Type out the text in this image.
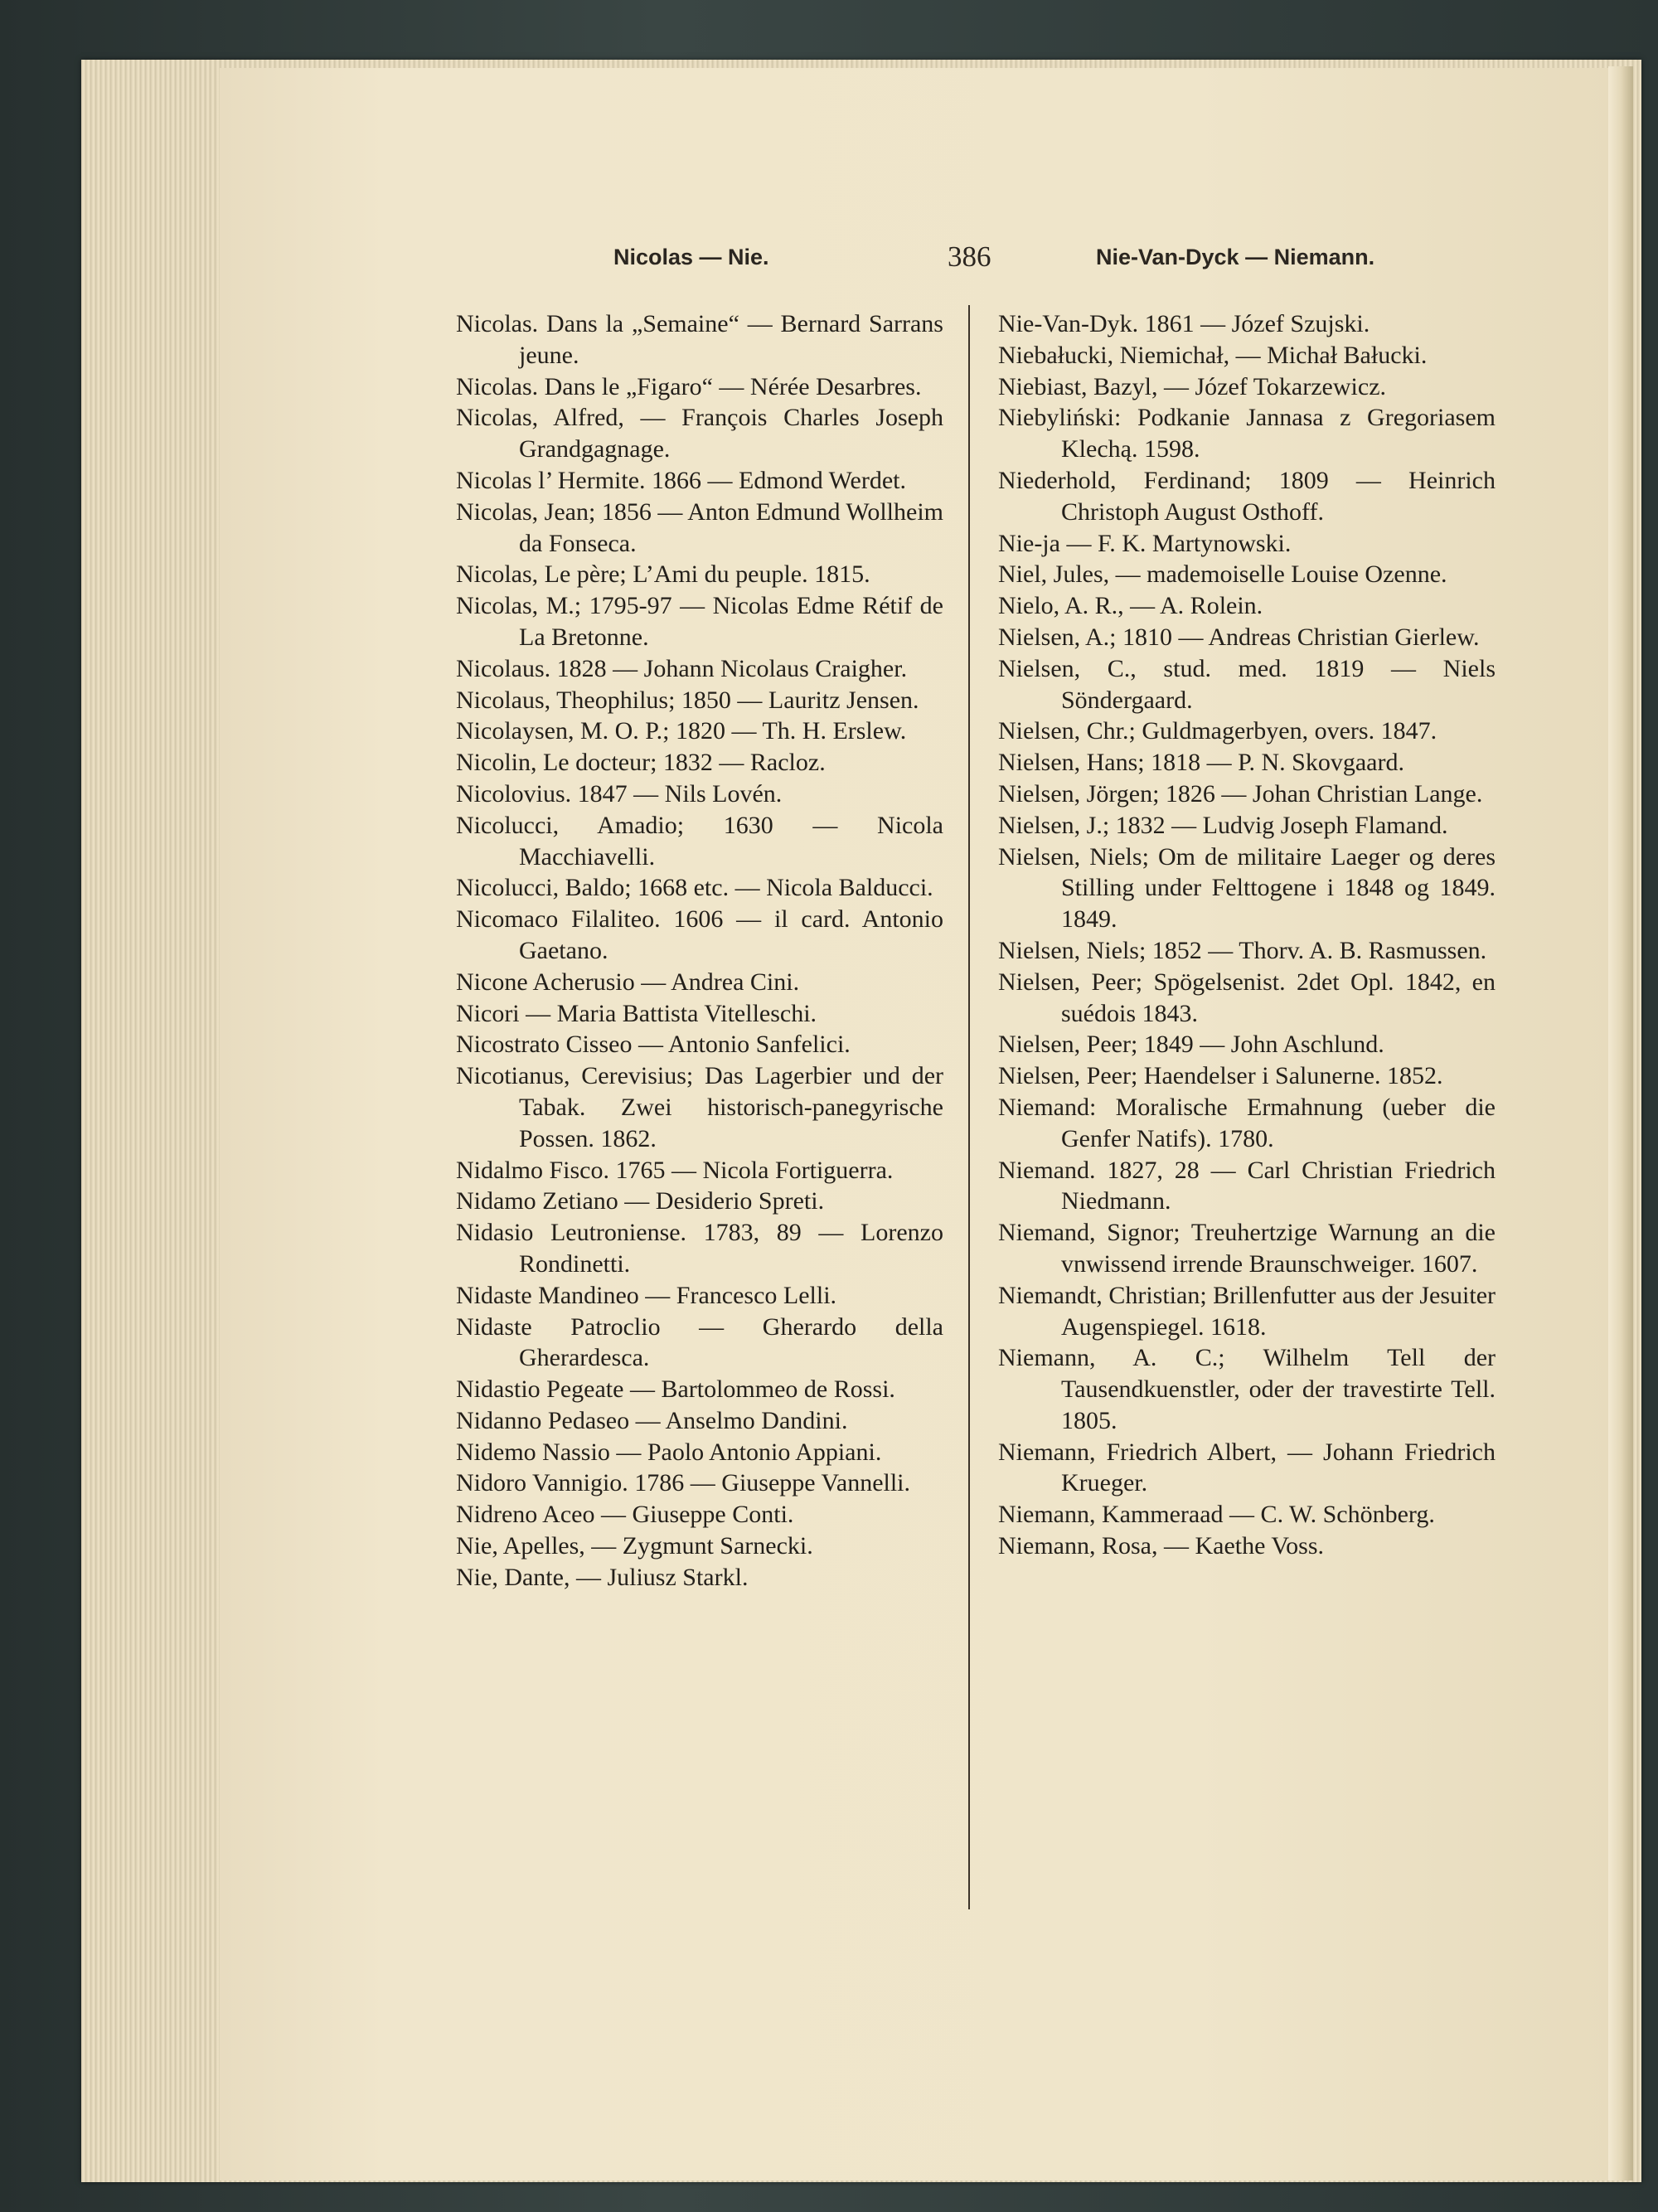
Nicolas — Nie.	386	Nie-Van-Dyck — Niemann.

Nicolas. Dans la „Semaine“ — Bernard Sarrans jeune.

Nicolas. Dans le „Figaro“ — Nérée Desarbres.

Nicolas, Alfred, — François Charles Joseph Grandgagnage.

Nicolas l’ Hermite. 1866 — Edmond Werdet.

Nicolas, Jean; 1856 — Anton Edmund Wollheim da Fonseca.

Nicolas, Le père; L’Ami du peuple. 1815.

Nicolas, M.; 1795-97 — Nicolas Edme Rétif de La Bretonne.

Nicolaus. 1828 — Johann Nicolaus Craigher.

Nicolaus, Theophilus; 1850 — Lauritz Jensen.

Nicolaysen, M. O. P.; 1820 — Th. H. Erslew.

Nicolin, Le docteur; 1832 — Racloz.

Nicolovius. 1847 — Nils Lovén.

Nicolucci, Amadio; 1630 — Nicola Macchiavelli.

Nicolucci, Baldo; 1668 etc. — Nicola Balducci.

Nicomaco Filaliteo. 1606 — il card. Antonio Gaetano.

Nicone Acherusio — Andrea Cini.

Nicori — Maria Battista Vitelleschi.

Nicostrato Cisseo — Antonio Sanfelici.

Nicotianus, Cerevisius; Das Lagerbier und der Tabak. Zwei historisch-panegyrische Possen. 1862.

Nidalmo Fisco. 1765 — Nicola Fortiguerra.

Nidamo Zetiano — Desiderio Spreti.

Nidasio Leutroniense. 1783, 89 — Lorenzo Rondinetti.

Nidaste Mandineo — Francesco Lelli.

Nidaste Patroclio — Gherardo della Gherardesca.

Nidastio Pegeate — Bartolommeo de Rossi.

Nidanno Pedaseo — Anselmo Dandini.

Nidemo Nassio — Paolo Antonio Appiani.

Nidoro Vannigio. 1786 — Giuseppe Vannelli.

Nidreno Aceo — Giuseppe Conti.

Nie, Apelles, — Zygmunt Sarnecki.

Nie, Dante, — Juliusz Starkl.

Nie-Van-Dyk. 1861 — Józef Szujski.

Niebałucki, Niemichał, — Michał Bałucki.

Niebiast, Bazyl, — Józef Tokarzewicz.

Niebyliński: Podkanie Jannasa z Gregoriasem Klechą. 1598.

Niederhold, Ferdinand; 1809 — Heinrich Christoph August Osthoff.

Nie-ja — F. K. Martynowski.

Niel, Jules, — mademoiselle Louise Ozenne.

Nielo, A. R., — A. Rolein.

Nielsen, A.; 1810 — Andreas Christian Gierlew.

Nielsen, C., stud. med. 1819 — Niels Söndergaard.

Nielsen, Chr.; Guldmagerbyen, overs. 1847.

Nielsen, Hans; 1818 — P. N. Skovgaard.

Nielsen, Jörgen; 1826 — Johan Christian Lange.

Nielsen, J.; 1832 — Ludvig Joseph Flamand.

Nielsen, Niels; Om de militaire Laeger og deres Stilling under Felttogene i 1848 og 1849. 1849.

Nielsen, Niels; 1852 — Thorv. A. B. Rasmussen.

Nielsen, Peer; Spögelsenist. 2det Opl. 1842, en suédois 1843.

Nielsen, Peer; 1849 — John Aschlund.

Nielsen, Peer; Haendelser i Salunerne. 1852.

Niemand: Moralische Ermahnung (ueber die Genfer Natifs). 1780.

Niemand. 1827, 28 — Carl Christian Friedrich Niedmann.

Niemand, Signor; Treuhertzige Warnung an die vnwissend irrende Braunschweiger. 1607.

Niemandt, Christian; Brillenfutter aus der Jesuiter Augenspiegel. 1618.

Niemann, A. C.; Wilhelm Tell der Tausendkuenstler, oder der travestirte Tell. 1805.

Niemann, Friedrich Albert, — Johann Friedrich Krueger.

Niemann, Kammeraad — C. W. Schönberg.

Niemann, Rosa, — Kaethe Voss.
